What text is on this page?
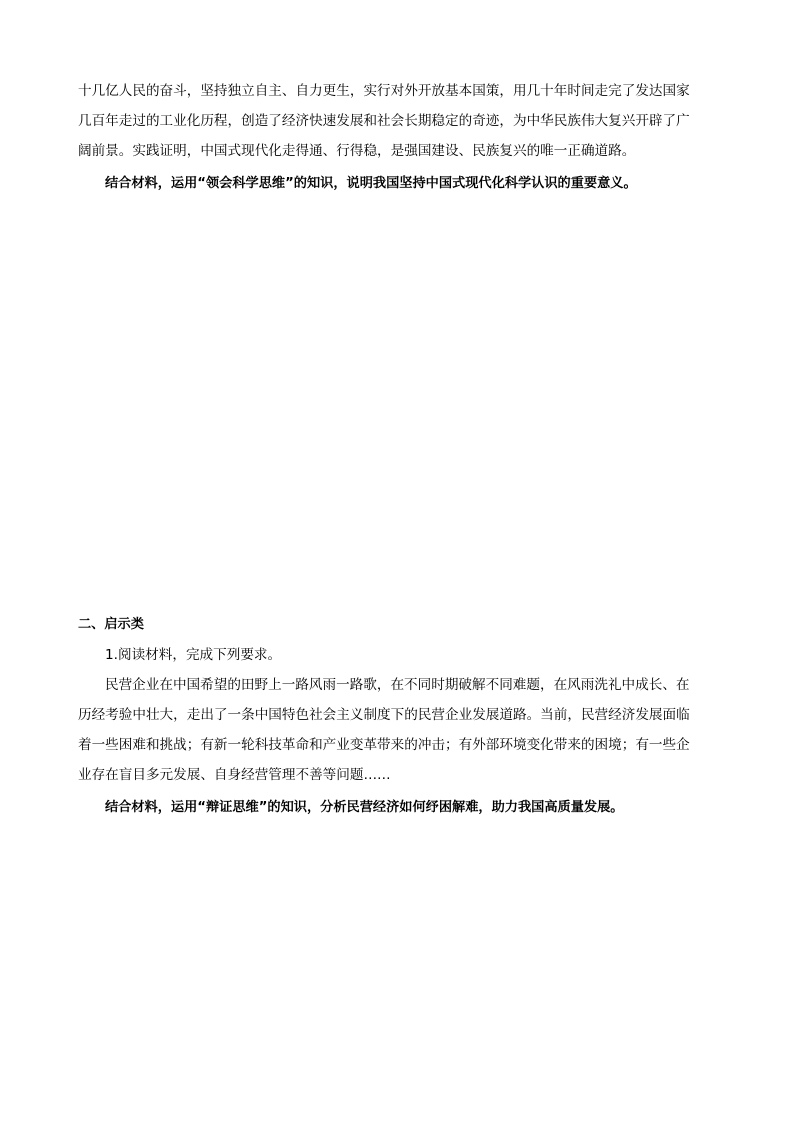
十几亿人民的奋斗，坚持独立自主、自力更生，实行对外开放基本国策，用几十年时间走完了发达国家
几百年走过的工业化历程，创造了经济快速发展和社会长期稳定的奇迹，为中华民族伟大复兴开辟了广
阔前景。实践证明，中国式现代化走得通、行得稳，是强国建设、民族复兴的唯一正确道路。

结合材料，运用“领会科学思维”的知识，说明我国坚持中国式现代化科学认识的重要意义。

二、启示类

1.阅读材料，完成下列要求。

民营企业在中国希望的田野上一路风雨一路歌，在不同时期破解不同难题，在风雨洗礼中成长、在
历经考验中壮大，走出了一条中国特色社会主义制度下的民营企业发展道路。当前，民营经济发展面临
着一些困难和挑战；有新一轮科技革命和产业变革带来的冲击；有外部环境变化带来的困境；有一些企
业存在盲目多元发展、自身经营管理不善等问题……

结合材料，运用“辩证思维”的知识，分析民营经济如何纾困解难，助力我国高质量发展。
